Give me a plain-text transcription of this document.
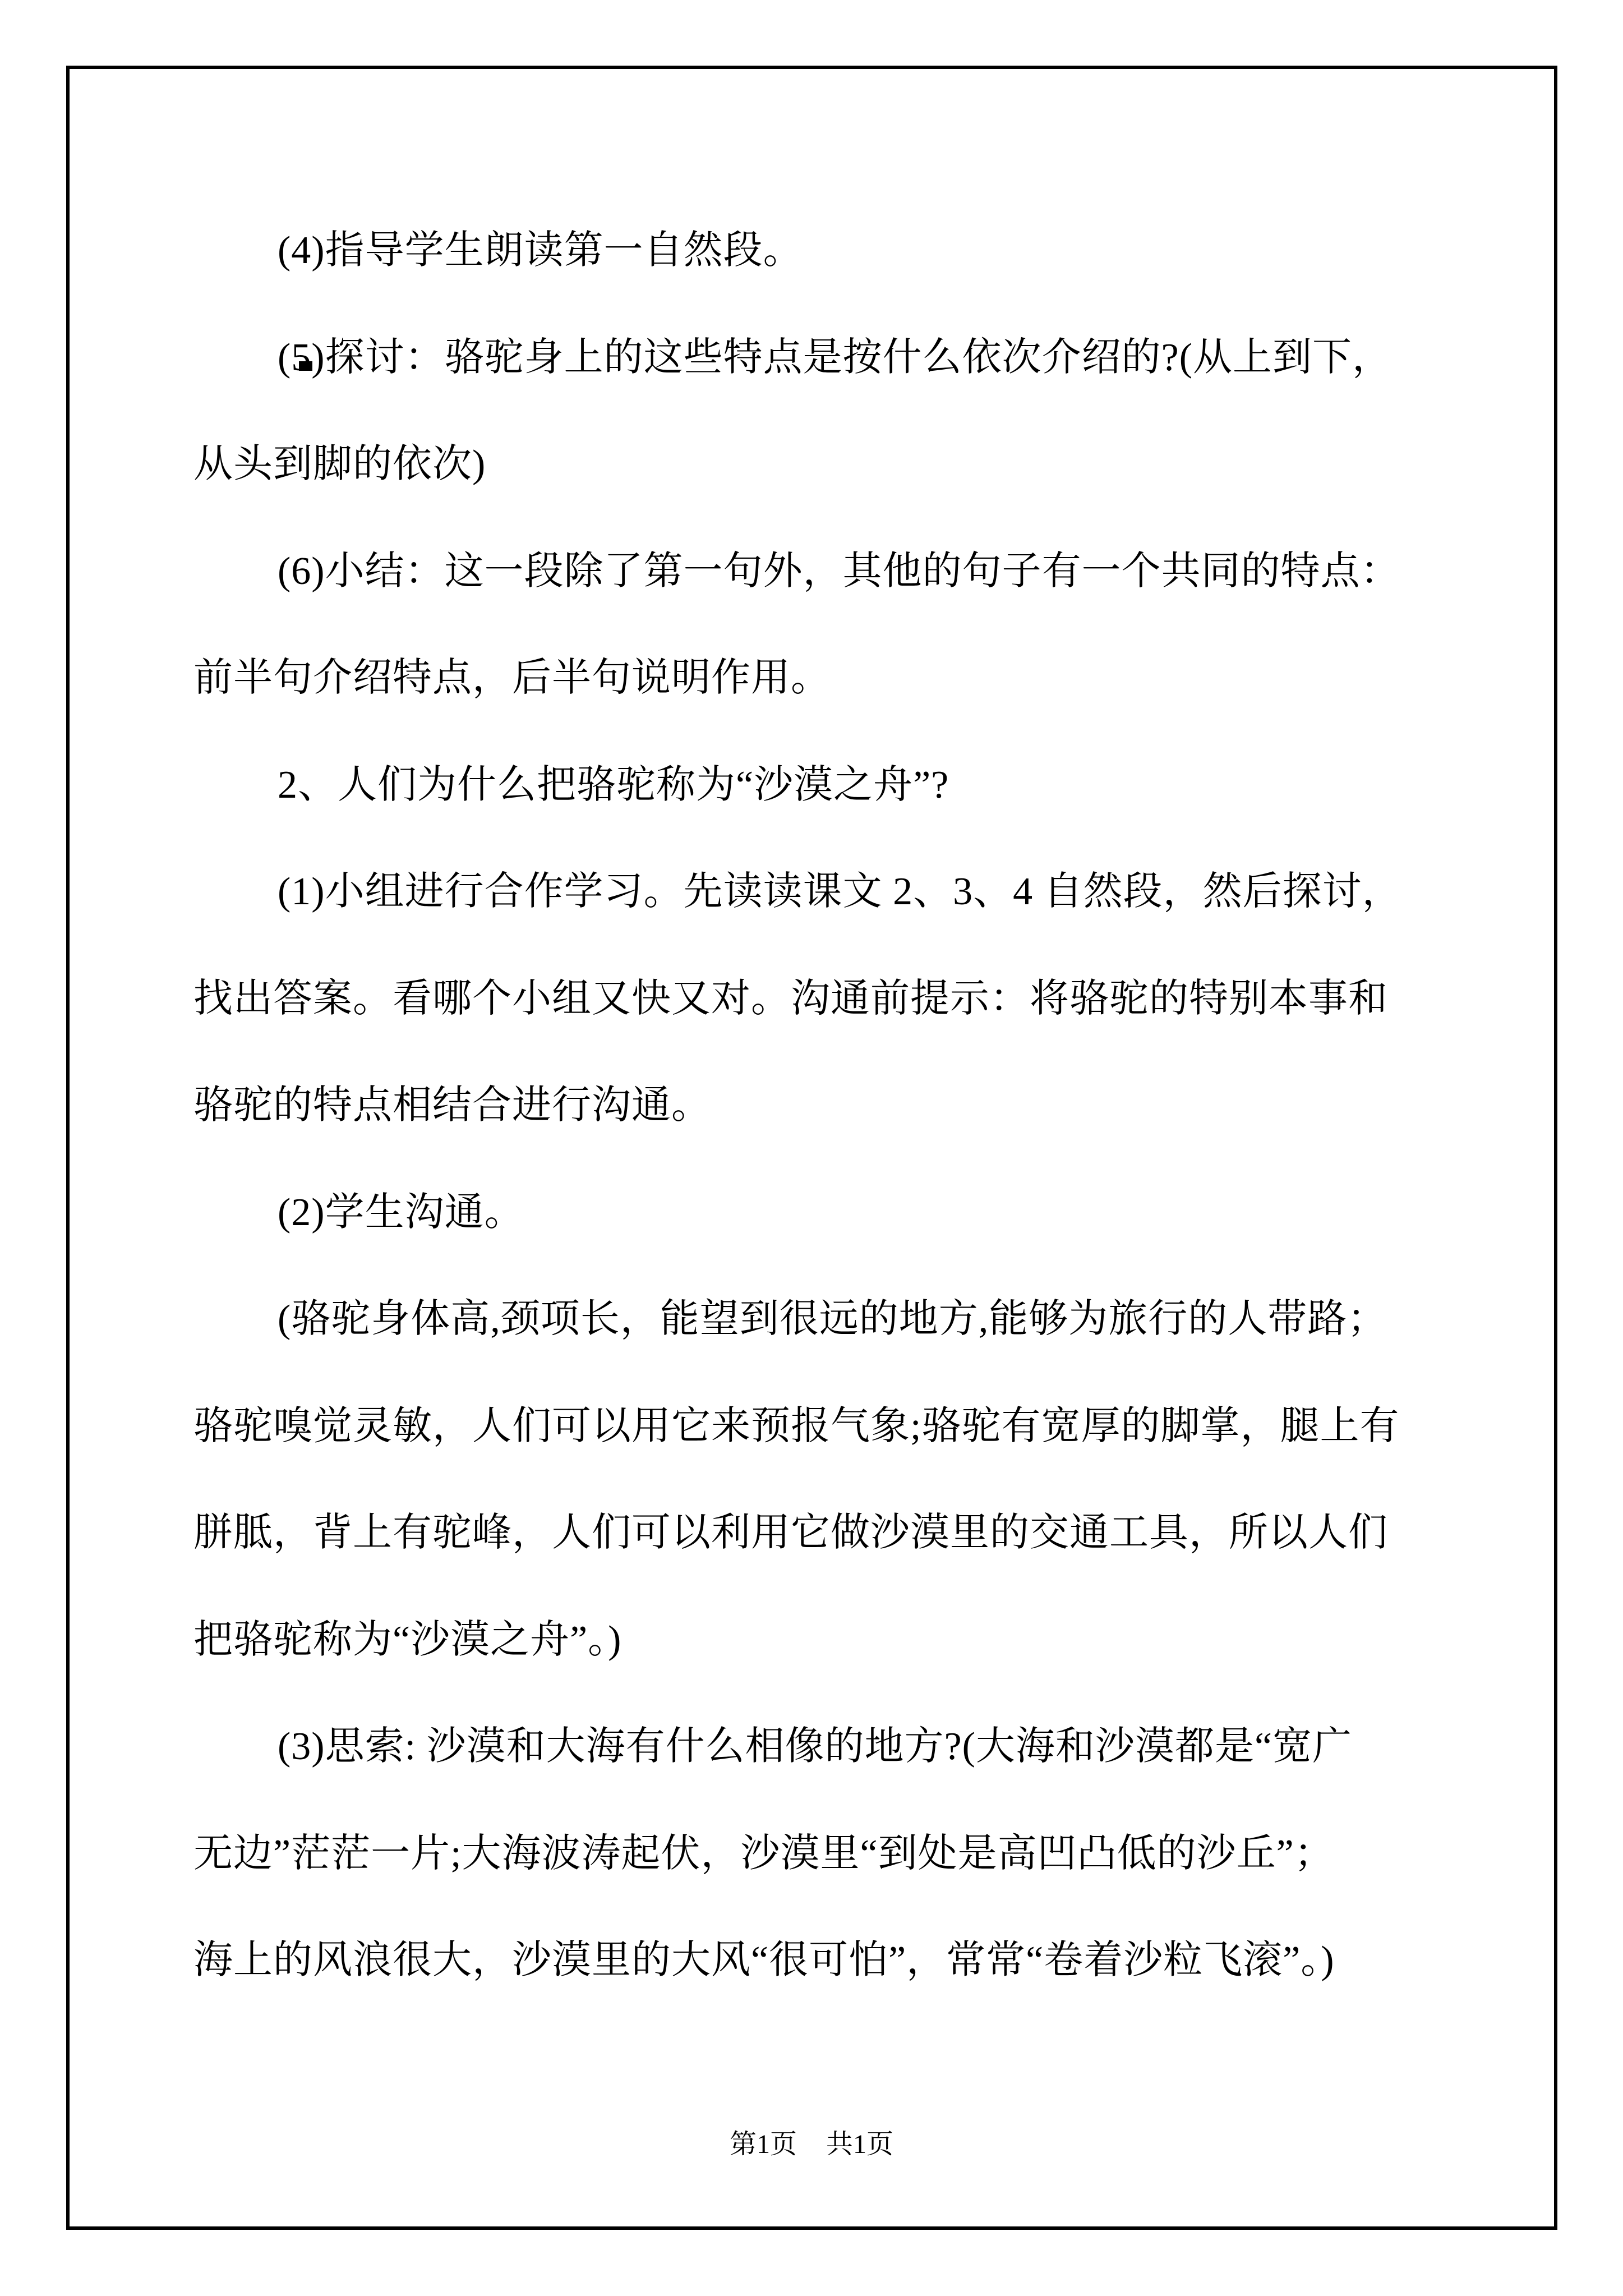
(4)指导学生朗读第一自然段。
(5)探讨：骆驼身上的这些特点是按什么依次介绍的?(从上到下，
从头到脚的依次)
(6)小结：这一段除了第一句外，其他的句子有一个共同的特点：
前半句介绍特点，后半句说明作用。
2、人们为什么把骆驼称为“沙漠之舟”?
(1)小组进行合作学习。先读读课文 2、3、4 自然段，然后探讨，
找出答案。看哪个小组又快又对。沟通前提示：将骆驼的特别本事和
骆驼的特点相结合进行沟通。
(2)学生沟通。
(骆驼身体高,颈项长，能望到很远的地方,能够为旅行的人带路；
骆驼嗅觉灵敏，人们可以用它来预报气象;骆驼有宽厚的脚掌，腿上有
胼胝，背上有驼峰，人们可以利用它做沙漠里的交通工具，所以人们
把骆驼称为“沙漠之舟”。)
(3)思索: 沙漠和大海有什么相像的地方?(大海和沙漠都是“宽广
无边”茫茫一片;大海波涛起伏，沙漠里“到处是高凹凸低的沙丘”；
海上的风浪很大，沙漠里的大风“很可怕”，常常“卷着沙粒飞滚”。)
第1页 共1页
